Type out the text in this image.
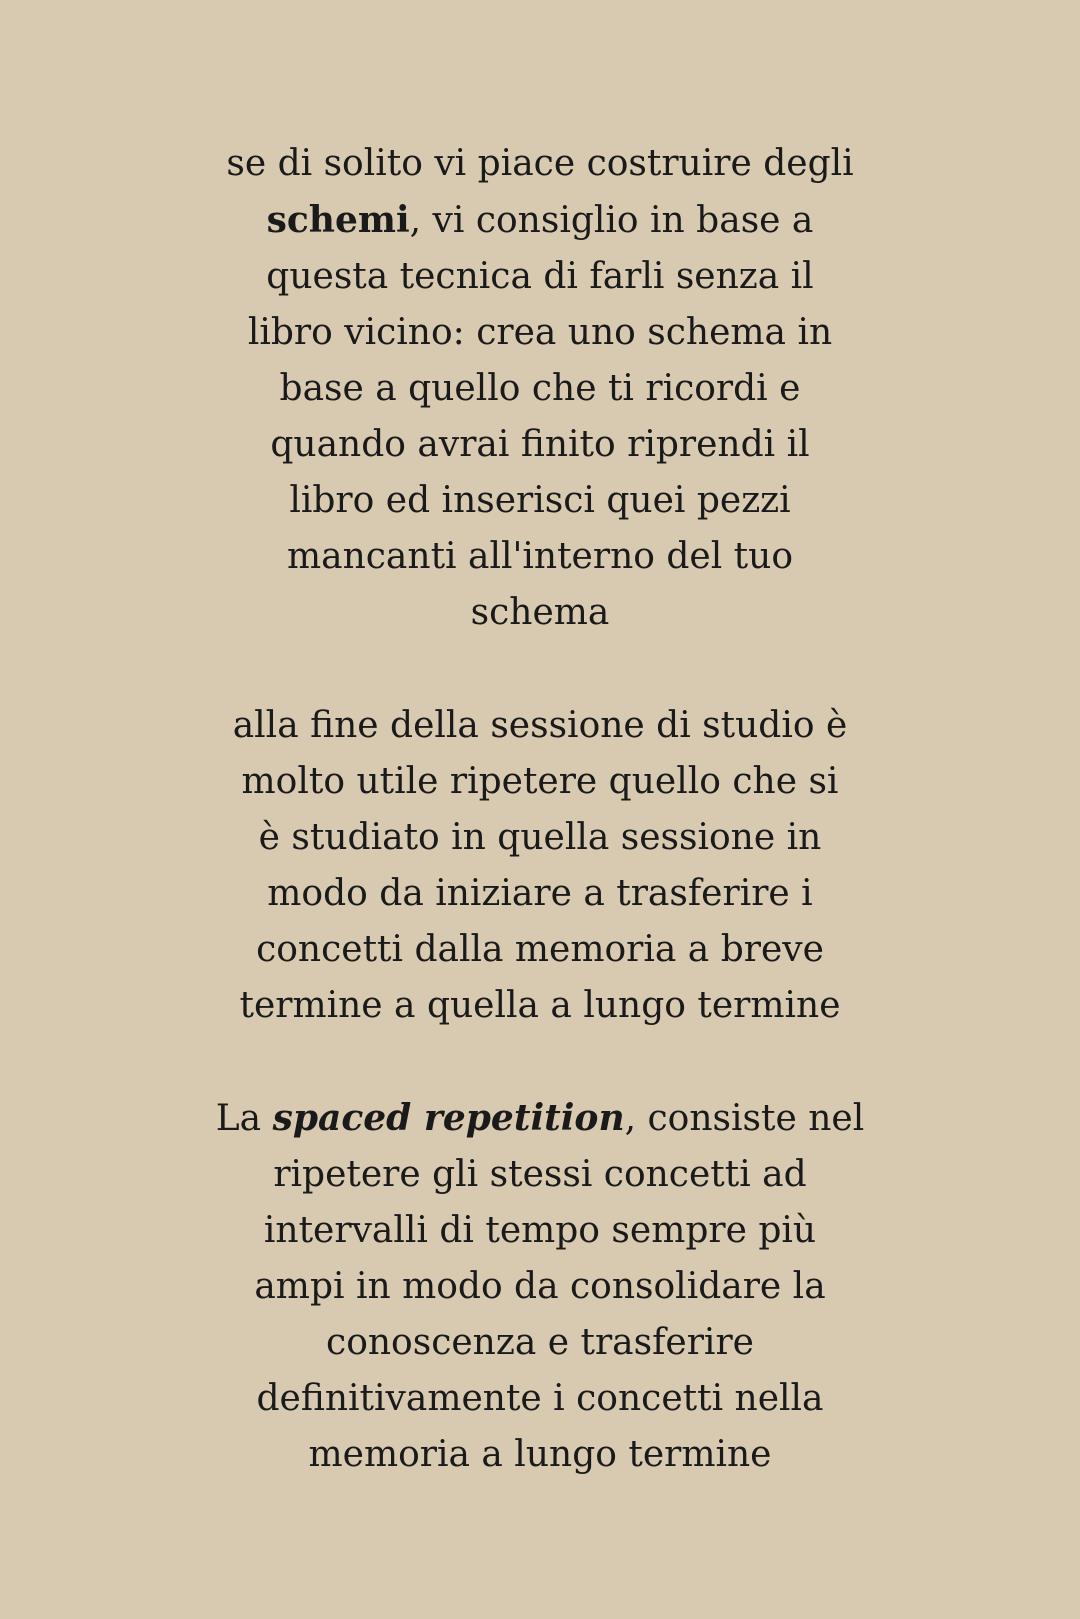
se di solito vi piace costruire degli
schemi, vi consiglio in base a
questa tecnica di farli senza il
libro vicino: crea uno schema in
base a quello che ti ricordi e
quando avrai finito riprendi il
libro ed inserisci quei pezzi
mancanti all'interno del tuo
schema

alla fine della sessione di studio è
molto utile ripetere quello che si
è studiato in quella sessione in
modo da iniziare a trasferire i
concetti dalla memoria a breve
termine a quella a lungo termine

La spaced repetition, consiste nel
ripetere gli stessi concetti ad
intervalli di tempo sempre più
ampi in modo da consolidare la
conoscenza e trasferire
definitivamente i concetti nella
memoria a lungo termine
